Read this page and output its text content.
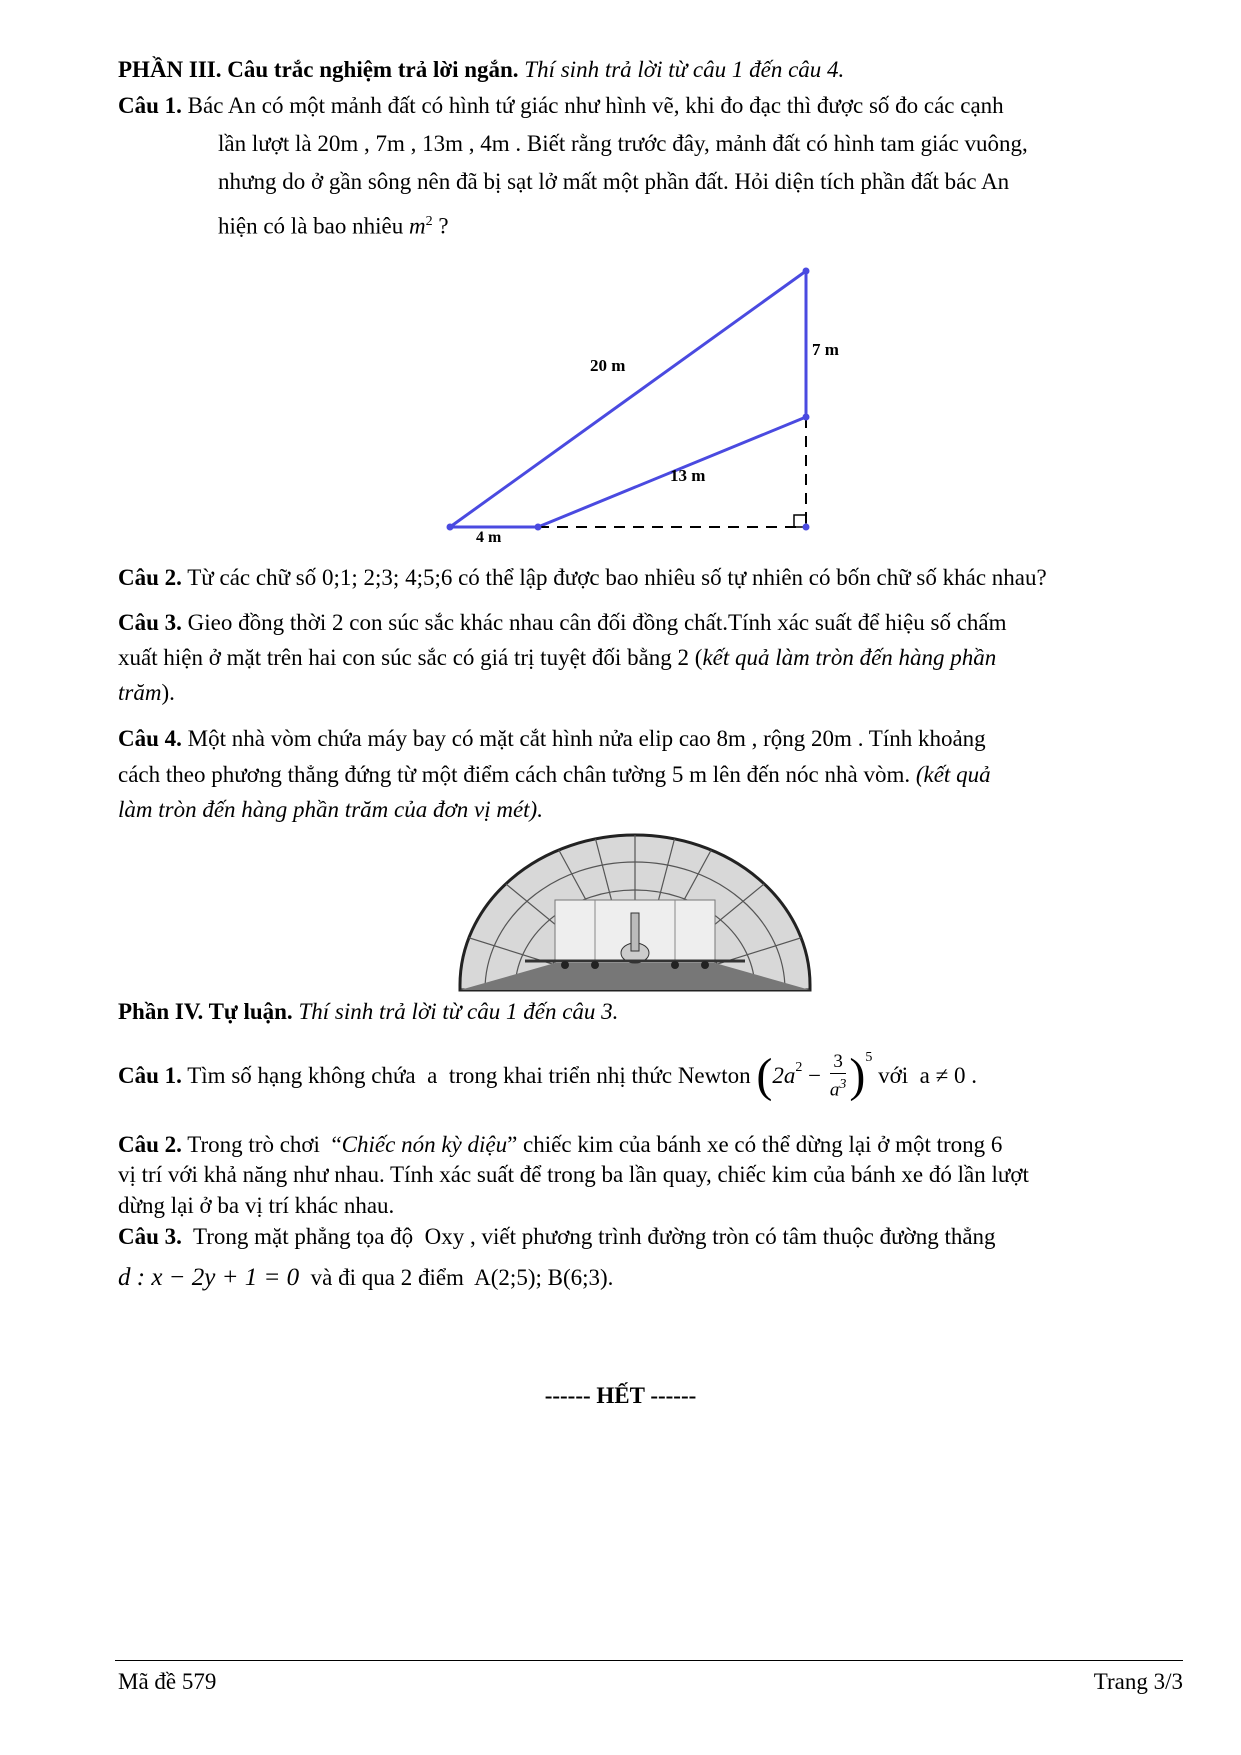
PHẦN III. Câu trắc nghiệm trả lời ngắn. Thí sinh trả lời từ câu 1 đến câu 4.
Câu 1. Bác An có một mảnh đất có hình tứ giác như hình vẽ, khi đo đạc thì được số đo các cạnh
lần lượt là 20m , 7m , 13m , 4m . Biết rằng trước đây, mảnh đất có hình tam giác vuông,
nhưng do ở gần sông nên đã bị sạt lở mất một phần đất. Hỏi diện tích phần đất bác An
hiện có là bao nhiêu $m^2$ ?
20 m
7 m
13 m
4 m
Câu 2. Từ các chữ số 0;1; 2;3; 4;5;6 có thể lập được bao nhiêu số tự nhiên có bốn chữ số khác nhau?
Câu 3. Gieo đồng thời 2 con súc sắc khác nhau cân đối đồng chất.Tính xác suất để hiệu số chấm
xuất hiện ở mặt trên hai con súc sắc có giá trị tuyệt đối bằng 2 (kết quả làm tròn đến hàng phần
trăm).
Câu 4. Một nhà vòm chứa máy bay có mặt cắt hình nửa elip cao 8m , rộng 20m . Tính khoảng
cách theo phương thẳng đứng từ một điểm cách chân tường 5 m lên đến nóc nhà vòm. (kết quả
làm tròn đến hàng phần trăm của đơn vị mét).
Phần IV. Tự luận. Thí sinh trả lời từ câu 1 đến câu 3.
Câu 1. Tìm số hạng không chứa  a  trong khai triển nhị thức Newton ( $2a^2 - \frac{3}{a^3} )^5$
với  a ≠ 0 .
Câu 2. Trong trò chơi  “Chiếc nón kỳ diệu” chiếc kim của bánh xe có thể dừng lại ở một trong 6
vị trí với khả năng như nhau. Tính xác suất để trong ba lần quay, chiếc kim của bánh xe đó lần lượt
dừng lại ở ba vị trí khác nhau.
Câu 3.  Trong mặt phẳng tọa độ  Oxy , viết phương trình đường tròn có tâm thuộc đường thẳng
d : x − 2y + 1 = 0  và đi qua 2 điểm  A(2;5); B(6;3).
------ HẾT ------
Mã đề 579	Trang 3/3
